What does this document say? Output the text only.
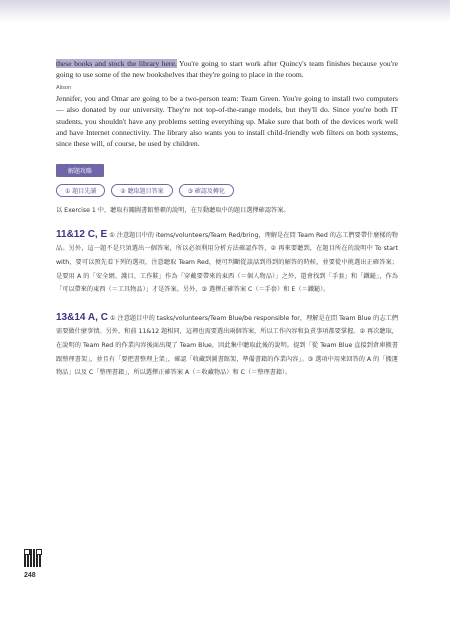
these books and stock the library here. You're going to start work after Quincy's team finishes because you're going to use some of the new bookshelves that they're going to place in the room.

Alison

Jennifer, you and Omar are going to be a two-person team: Team Green. You're going to install two computers — also donated by our university. They're not top-of-the-range models, but they'll do. Since you're both IT students, you shouldn't have any problems setting everything up. Make sure that both of the devices work well and have Internet connectivity. The library also wants you to install child-friendly web filters on both systems, since these will, of course, be used by children.

解題攻略
① 題目先讀	② 聽取題目答案	③ 確認及轉化
以 Exercise 1 中，聽取有關圖書館整頓的說明，在互動聽取中的題目選擇確認答案。
11&12 C, E ① 注意題目中的 items/volunteers/Team Red/bring，理解是在問 Team Red 的志工們要帶什麼樣的物品。另外，這一題不是只須選出一個答案，所以必須利用分析方法確認作答，② 再來要聽到，在題目所在的說明中 To start with，要可以預先看下列的選項，注意聽取 Team Red，便可判斷從談話到得到的解答的時候，並要從中挑選出正確答案；是要用 A 的「安全網、護目、工作鞋」作為「穿戴要帶來的東西（＝個人物品）」之外，還會找到「手套」和「鐵鎚」，作為「可以帶來的東西（＝工具物品）」才是答案。另外，③ 選擇正確答案 C（＝手套）和 E（＝鐵鎚）。
13&14 A, C ① 注意題目中的 tasks/volunteers/Team Blue/be responsible for，理解是在問 Team Blue 的志工們需要做什麼事情。另外，和前 11&12 題相同，這裡也需要選出兩個答案，所以工作內容和負責事項都要掌握。② 再次聽取，在說明的 Team Red 的作業內容後面出現了 Team Blue，因此集中聽取此後的說明。提到「從 Team Blue 直接到倉庫搬書跟整理書架」，並且有「要把書整理上架」，確認「收藏到圖書館架，準備書籍的作業內容」。③ 選項中用來回答的 A 的「搬運物品」以及 C「整理書籍」，所以選擇正確答案 A（＝收藏物品）和 C（＝整理書籍）。
248
